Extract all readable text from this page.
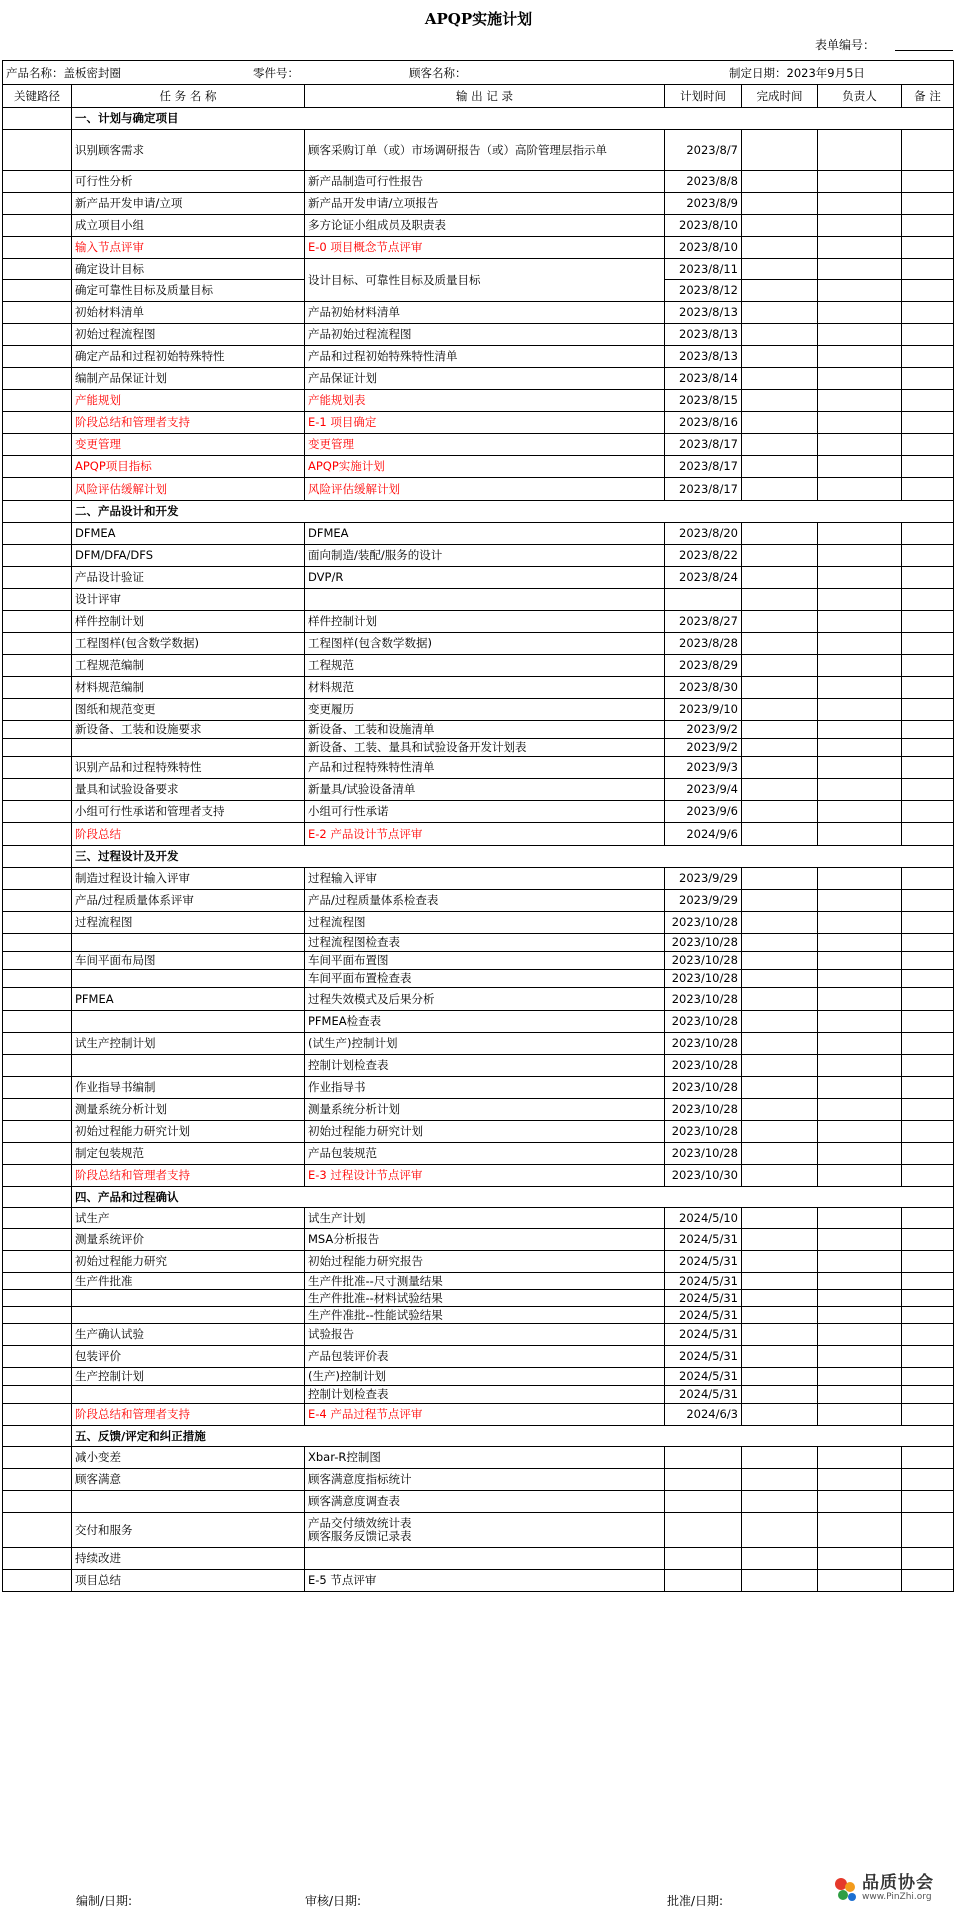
APQP实施计划
表单编号：
产品名称：盖板密封圈 零件号： 顾客名称： 制定日期：2023年9月5日						

关键路径	任 务 名 称	输 出 记 录	计划时间	完成时间	负责人	备 注
	一、计划与确定项目					
	识别顾客需求	顾客采购订单（或）市场调研报告（或）高阶管理层指示单	2023/8/7			
	可行性分析	新产品制造可行性报告	2023/8/8			
	新产品开发申请/立项	新产品开发申请/立项报告	2023/8/9			
	成立项目小组	多方论证小组成员及职责表	2023/8/10			
	输入节点评审	E-0 项目概念节点评审	2023/8/10			
	确定设计目标	设计目标、可靠性目标及质量目标	2023/8/11			
	确定可靠性目标及质量目标		2023/8/12			
	初始材料清单	产品初始材料清单	2023/8/13			
	初始过程流程图	产品初始过程流程图	2023/8/13			
	确定产品和过程初始特殊特性	产品和过程初始特殊特性清单	2023/8/13			
	编制产品保证计划	产品保证计划	2023/8/14			
	产能规划	产能规划表	2023/8/15			
	阶段总结和管理者支持	E-1 项目确定	2023/8/16			
	变更管理	变更管理	2023/8/17			
	APQP项目指标	APQP实施计划	2023/8/17			
	风险评估缓解计划	风险评估缓解计划	2023/8/17			
	二、产品设计和开发					
	DFMEA	DFMEA	2023/8/20			
	DFM/DFA/DFS	面向制造/装配/服务的设计	2023/8/22			
	产品设计验证	DVP/R	2023/8/24			
	设计评审					
	样件控制计划	样件控制计划	2023/8/27			
	工程图样(包含数学数据)	工程图样(包含数学数据)	2023/8/28			
	工程规范编制	工程规范	2023/8/29			
	材料规范编制	材料规范	2023/8/30			
	图纸和规范变更	变更履历	2023/9/10			
	新设备、工装和设施要求	新设备、工装和设施清单	2023/9/2			
		新设备、工装、量具和试验设备开发计划表	2023/9/2			
	识别产品和过程特殊特性	产品和过程特殊特性清单	2023/9/3			
	量具和试验设备要求	新量具/试验设备清单	2023/9/4			
	小组可行性承诺和管理者支持	小组可行性承诺	2023/9/6			
	阶段总结	E-2 产品设计节点评审	2024/9/6			
	三、过程设计及开发					
	制造过程设计输入评审	过程输入评审	2023/9/29			
	产品/过程质量体系评审	产品/过程质量体系检查表	2023/9/29			
	过程流程图	过程流程图	2023/10/28			
		过程流程图检查表	2023/10/28			
	车间平面布局图	车间平面布置图	2023/10/28			
		车间平面布置检查表	2023/10/28			
	PFMEA	过程失效模式及后果分析	2023/10/28			
		PFMEA检查表	2023/10/28			
	试生产控制计划	(试生产)控制计划	2023/10/28			
		控制计划检查表	2023/10/28			
	作业指导书编制	作业指导书	2023/10/28			
	测量系统分析计划	测量系统分析计划	2023/10/28			
	初始过程能力研究计划	初始过程能力研究计划	2023/10/28			
	制定包装规范	产品包装规范	2023/10/28			
	阶段总结和管理者支持	E-3 过程设计节点评审	2023/10/30			
	四、产品和过程确认					
	试生产	试生产计划	2024/5/10			
	测量系统评价	MSA分析报告	2024/5/31			
	初始过程能力研究	初始过程能力研究报告	2024/5/31			
	生产件批准	生产件批准--尺寸测量结果	2024/5/31			
		生产件批准--材料试验结果	2024/5/31			
		生产件准批--性能试验结果	2024/5/31			
	生产确认试验	试验报告	2024/5/31			
	包装评价	产品包装评价表	2024/5/31			
	生产控制计划	(生产)控制计划	2024/5/31			
		控制计划检查表	2024/5/31			
	阶段总结和管理者支持	E-4 产品过程节点评审	2024/6/3			
	五、反馈/评定和纠正措施					
	减小变差	Xbar-R控制图				
	顾客满意	顾客满意度指标统计				
		顾客满意度调查表				
	交付和服务	产品交付绩效统计表
顾客服务反馈记录表				

	持续改进					
	项目总结	E-5 节点评审				
编制/日期:	审核/日期:	批准/日期:
品质协会
www.PinZhi.org
